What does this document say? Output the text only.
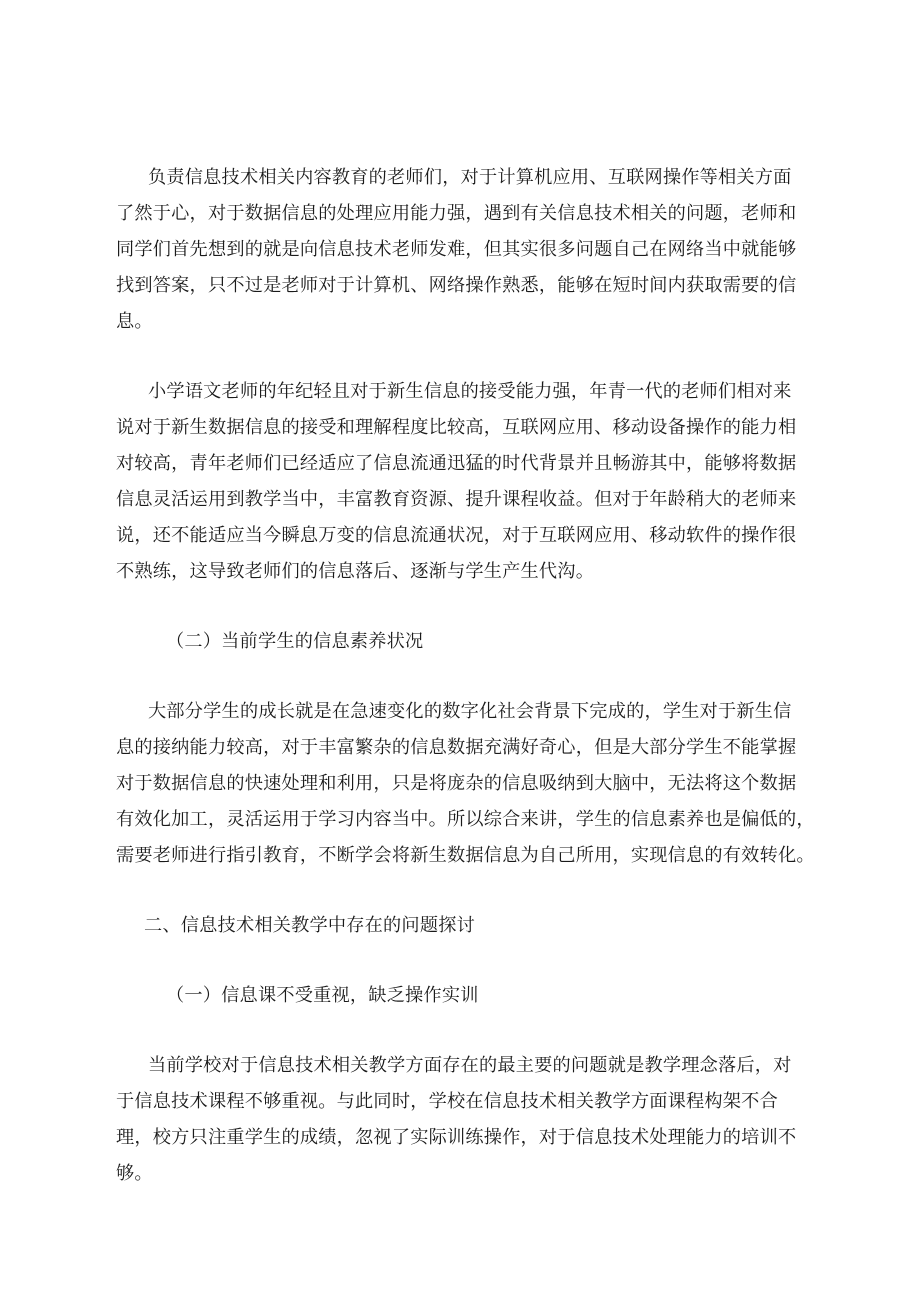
负责信息技术相关内容教育的老师们，对于计算机应用、互联网操作等相关方面
了然于心，对于数据信息的处理应用能力强，遇到有关信息技术相关的问题，老师和
同学们首先想到的就是向信息技术老师发难，但其实很多问题自己在网络当中就能够
找到答案，只不过是老师对于计算机、网络操作熟悉，能够在短时间内获取需要的信
息。
小学语文老师的年纪轻且对于新生信息的接受能力强，年青一代的老师们相对来
说对于新生数据信息的接受和理解程度比较高，互联网应用、移动设备操作的能力相
对较高，青年老师们已经适应了信息流通迅猛的时代背景并且畅游其中，能够将数据
信息灵活运用到教学当中，丰富教育资源、提升课程收益。但对于年龄稍大的老师来
说，还不能适应当今瞬息万变的信息流通状况，对于互联网应用、移动软件的操作很
不熟练，这导致老师们的信息落后、逐渐与学生产生代沟。
（二）当前学生的信息素养状况
大部分学生的成长就是在急速变化的数字化社会背景下完成的，学生对于新生信
息的接纳能力较高，对于丰富繁杂的信息数据充满好奇心，但是大部分学生不能掌握
对于数据信息的快速处理和利用，只是将庞杂的信息吸纳到大脑中，无法将这个数据
有效化加工，灵活运用于学习内容当中。所以综合来讲，学生的信息素养也是偏低的，
需要老师进行指引教育，不断学会将新生数据信息为自己所用，实现信息的有效转化。
二、信息技术相关教学中存在的问题探讨
（一）信息课不受重视，缺乏操作实训
当前学校对于信息技术相关教学方面存在的最主要的问题就是教学理念落后，对
于信息技术课程不够重视。与此同时，学校在信息技术相关教学方面课程构架不合
理，校方只注重学生的成绩，忽视了实际训练操作，对于信息技术处理能力的培训不
够。
